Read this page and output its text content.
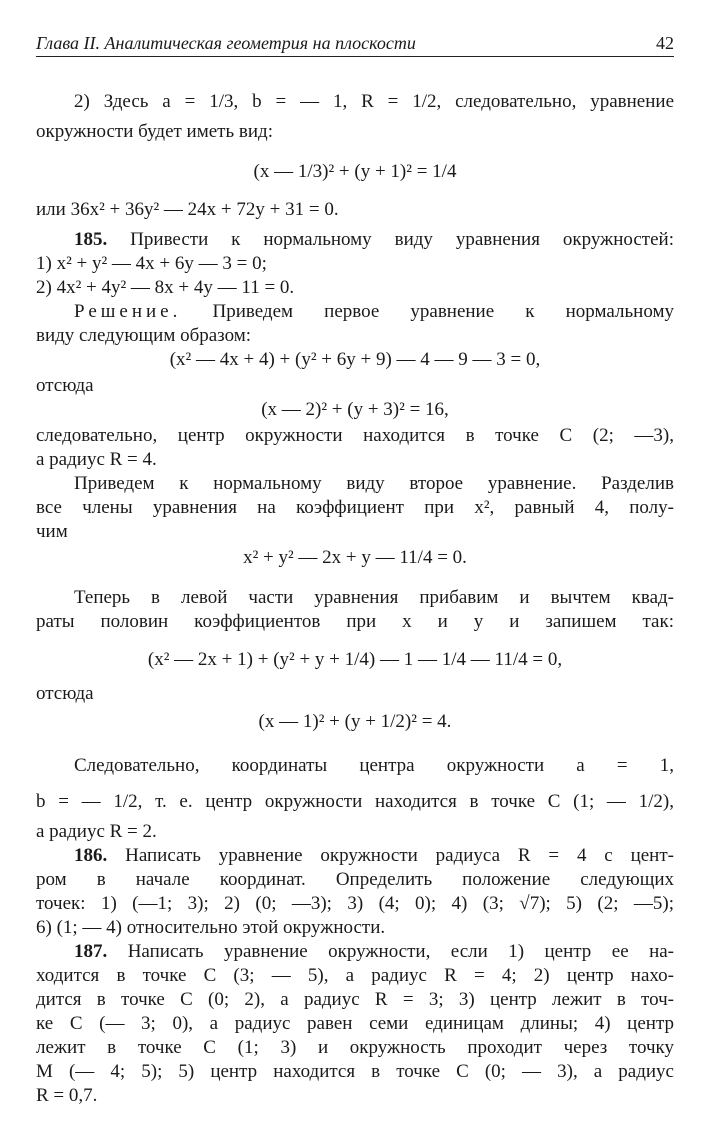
Глава II. Аналитическая геометрия на плоскости	42
2) Здесь a = 1/3, b = — 1, R = 1/2, следовательно, уравнение
окружности будет иметь вид:
(x — 1/3)² + (y + 1)² = 1/4
или 36x² + 36y² — 24x + 72y + 31 = 0.
185. Привести к нормальному виду уравнения окружностей:
1) x² + y² — 4x + 6y — 3 = 0;
2) 4x² + 4y² — 8x + 4y — 11 = 0.
Решение. Приведем первое уравнение к нормальному
виду следующим образом:
(x² — 4x + 4) + (y² + 6y + 9) — 4 — 9 — 3 = 0,
отсюда
(x — 2)² + (y + 3)² = 16,
следовательно, центр окружности находится в точке C (2; —3),
а радиус R = 4.
Приведем к нормальному виду второе уравнение. Разделив
все члены уравнения на коэффициент при x², равный 4, полу-
чим
x² + y² — 2x + y — 11/4 = 0.
Теперь в левой части уравнения прибавим и вычтем квад-
раты половин коэффициентов при x и y и запишем так:
(x² — 2x + 1) + (y² + y + 1/4) — 1 — 1/4 — 11/4 = 0,
отсюда
(x — 1)² + (y + 1/2)² = 4.
Следовательно, координаты центра окружности a = 1,
b = — 1/2, т. е. центр окружности находится в точке C (1; — 1/2),
а радиус R = 2.
186. Написать уравнение окружности радиуса R = 4 с цент-
ром в начале координат. Определить положение следующих
точек: 1) (—1; 3); 2) (0; —3); 3) (4; 0); 4) (3; √7); 5) (2; —5);
6) (1; — 4) относительно этой окружности.
187. Написать уравнение окружности, если 1) центр ее на-
ходится в точке C (3; — 5), а радиус R = 4; 2) центр нахо-
дится в точке C (0; 2), а радиус R = 3; 3) центр лежит в точ-
ке C (— 3; 0), а радиус равен семи единицам длины; 4) центр
лежит в точке C (1; 3) и окружность проходит через точку
M (— 4; 5); 5) центр находится в точке C (0; — 3), а радиус
R = 0,7.
